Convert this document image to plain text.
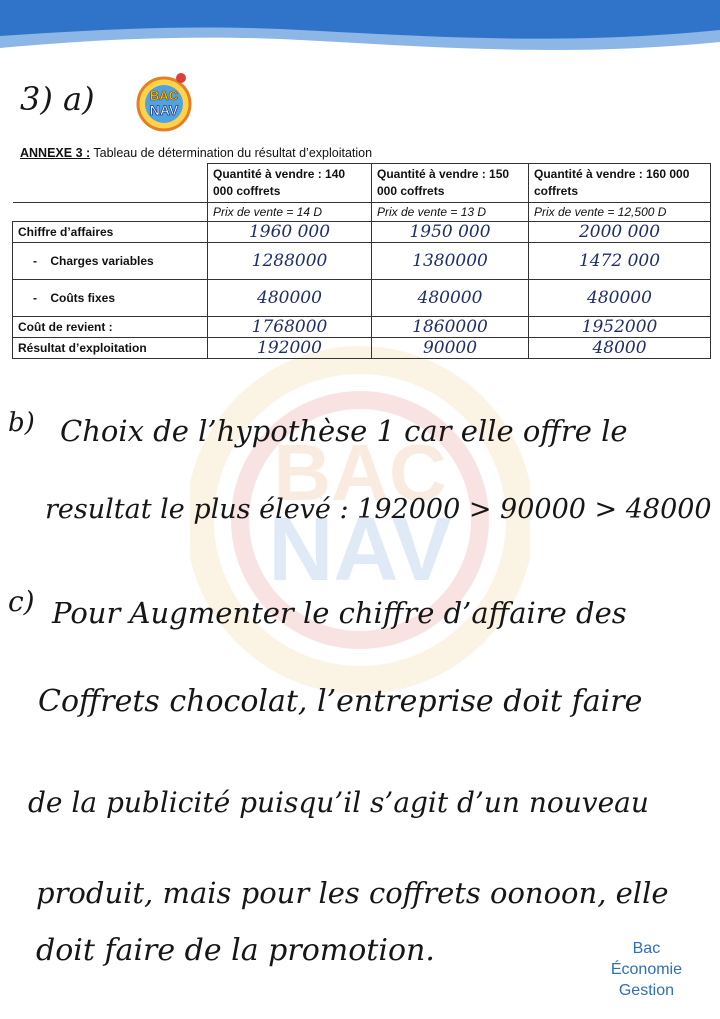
BAC
NAV
3) a)	BAC
NAV
ANNEXE 3 : Tableau de détermination du résultat d’exploitation
	Quantité à vendre : 140 000 coffrets	Quantité à vendre : 150 000 coffrets	Quantité à vendre : 160 000 coffrets
	Prix de vente = 14 D	Prix de vente = 13 D	Prix de vente = 12,500 D
Chiffre d’affaires	1960 000	1950 000	2000 000
-    Charges variables	1288000	1380000	1472 000
-    Coûts fixes	480000	480000	480000
Coût de revient :	1768000	1860000	1952000
Résultat d’exploitation	192000	90000	48000
b) Choix de l’hypothèse 1 car elle offre le
resultat le plus élevé : 192000 > 90000 > 48000
c) Pour Augmenter le chiffre d’affaire des
Coffrets chocolat, l’entreprise doit faire
de la publicité puisqu’il s’agit d’un nouveau
produit, mais pour les coffrets oonoon, elle
doit faire de la promotion.	Bac
Économie
Gestion
